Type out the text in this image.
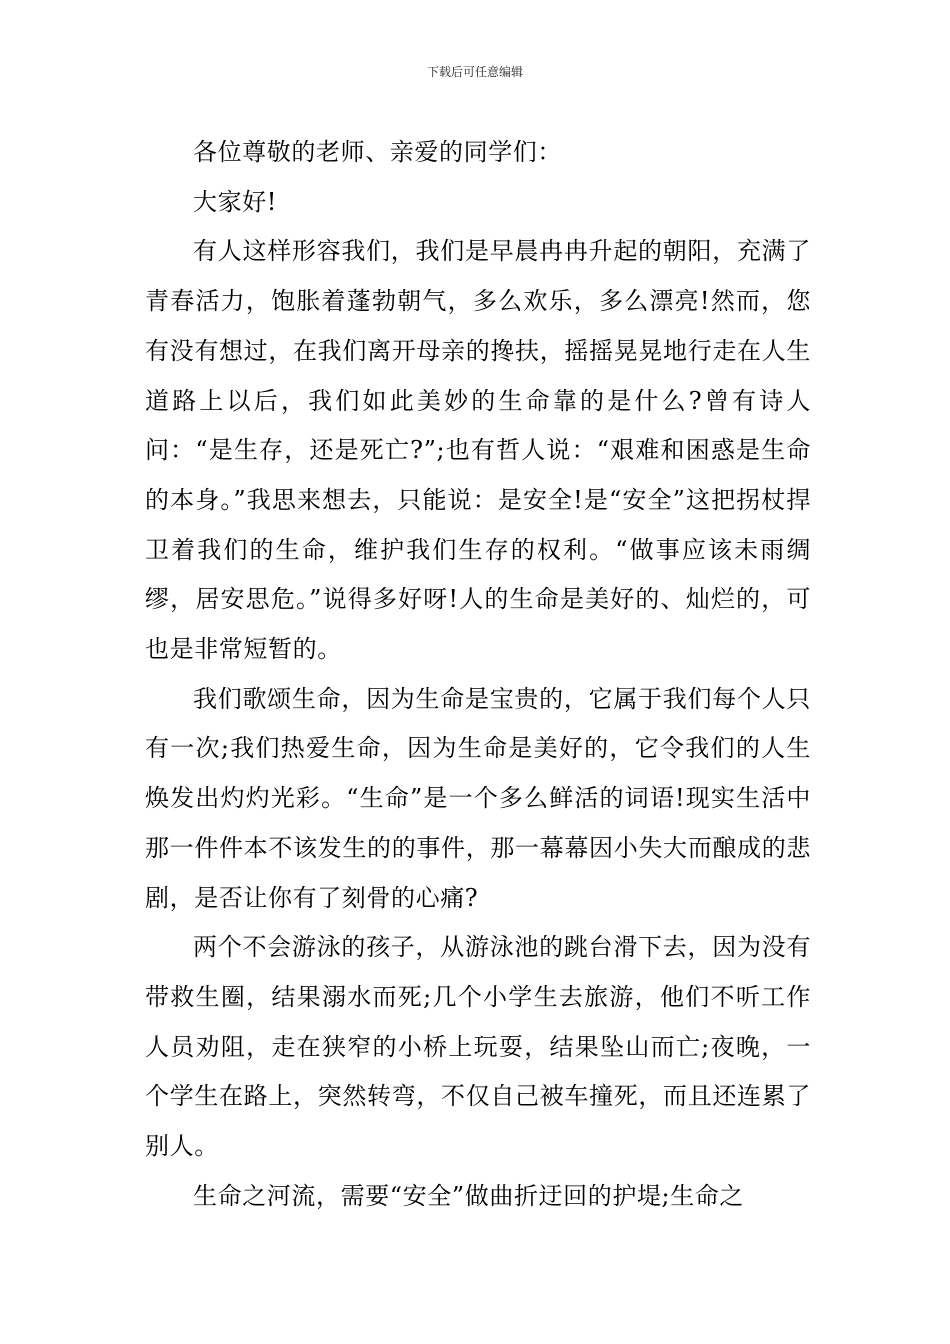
下载后可任意编辑

各位尊敬的老师、亲爱的同学们：

大家好!

有人这样形容我们，我们是早晨冉冉升起的朝阳，充满了青春活力，饱胀着蓬勃朝气，多么欢乐，多么漂亮!然而，您有没有想过，在我们离开母亲的搀扶，摇摇晃晃地行走在人生道路上以后，我们如此美妙的生命靠的是什么?曾有诗人问：“是生存，还是死亡?”;也有哲人说：“艰难和困惑是生命的本身。”我思来想去，只能说：是安全!是“安全”这把拐杖捍卫着我们的生命，维护我们生存的权利。“做事应该未雨绸缪，居安思危。”说得多好呀!人的生命是美好的、灿烂的，可也是非常短暂的。

我们歌颂生命，因为生命是宝贵的，它属于我们每个人只有一次;我们热爱生命，因为生命是美好的，它令我们的人生焕发出灼灼光彩。“生命”是一个多么鲜活的词语!现实生活中那一件件本不该发生的的事件，那一幕幕因小失大而酿成的悲剧，是否让你有了刻骨的心痛?

两个不会游泳的孩子，从游泳池的跳台滑下去，因为没有带救生圈，结果溺水而死;几个小学生去旅游，他们不听工作人员劝阻，走在狭窄的小桥上玩耍，结果坠山而亡;夜晚，一个学生在路上，突然转弯，不仅自己被车撞死，而且还连累了别人。

生命之河流，需要“安全”做曲折迂回的护堤;生命之
